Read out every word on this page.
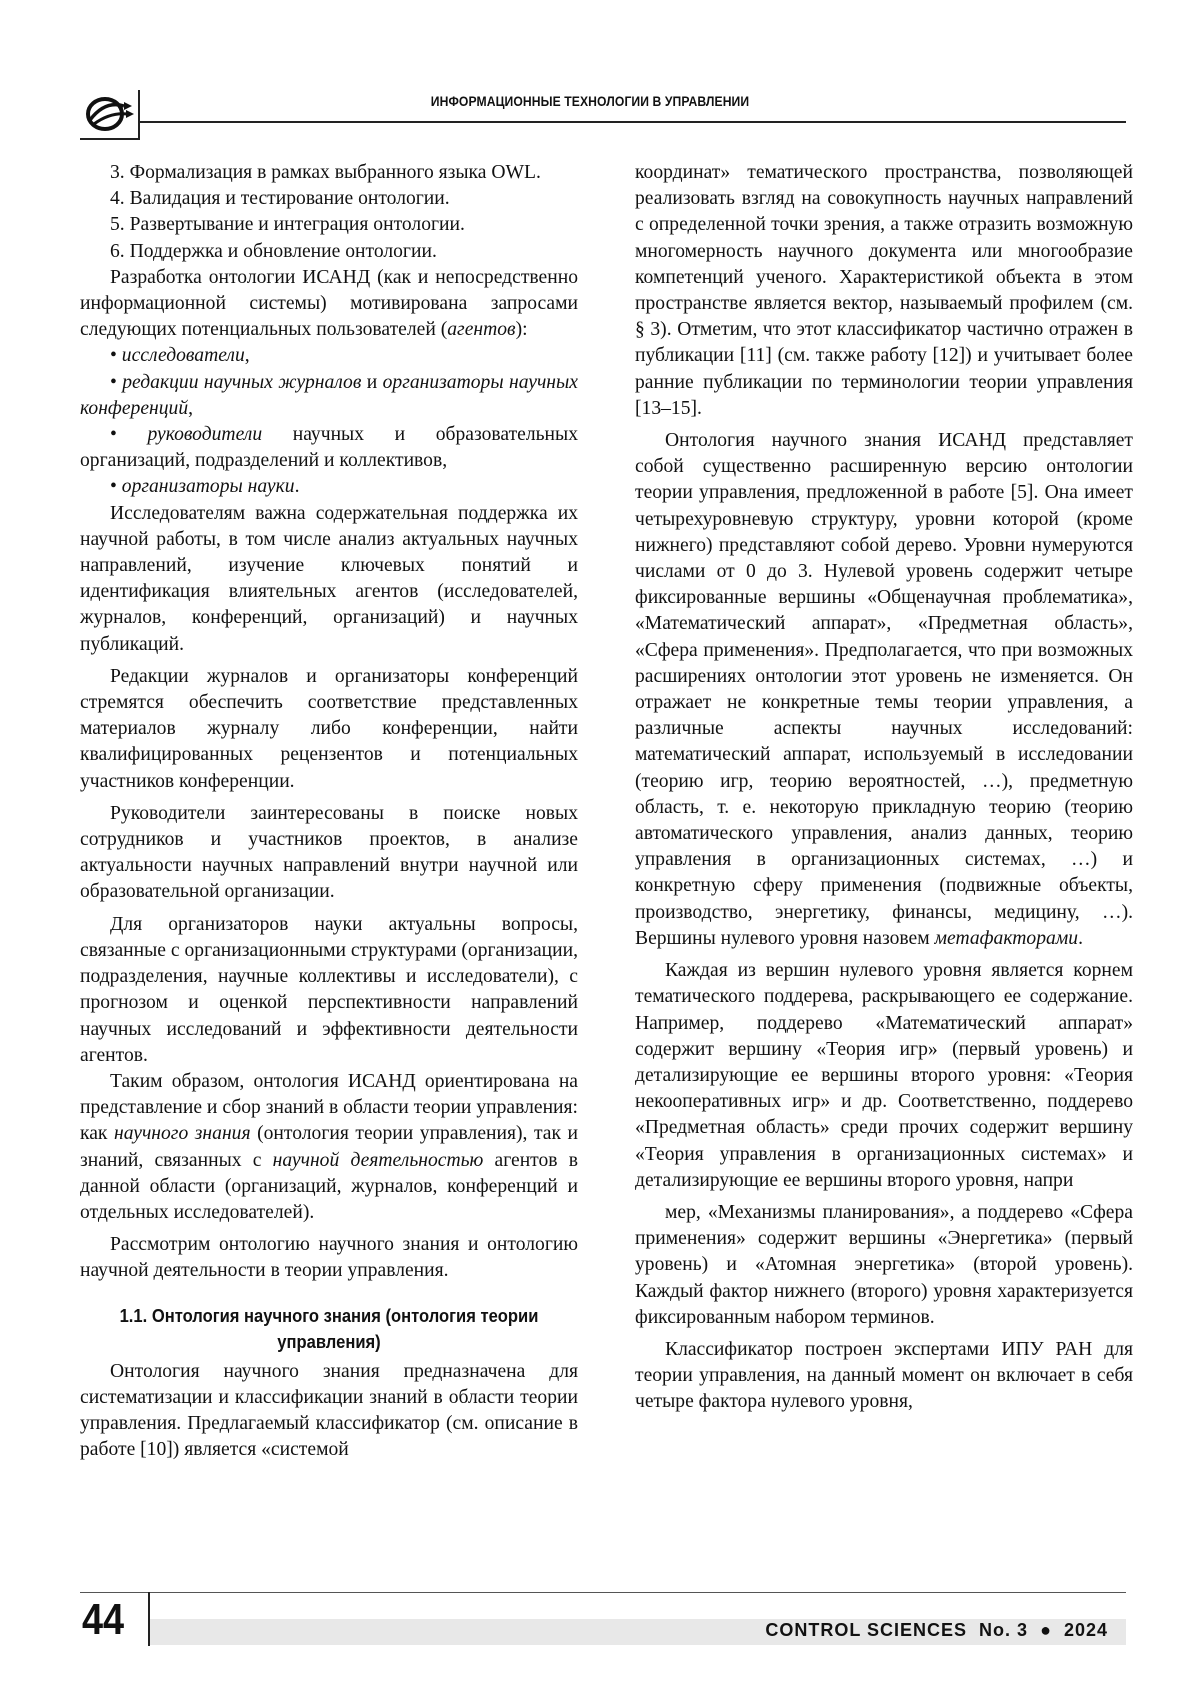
ИНФОРМАЦИОННЫЕ ТЕХНОЛОГИИ В УПРАВЛЕНИИ

3. Формализация в рамках выбранного языка OWL.

4. Валидация и тестирование онтологии.

5. Развертывание и интеграция онтологии.

6. Поддержка и обновление онтологии.

Разработка онтологии ИСАНД (как и непосредственно информационной системы) мотивирована запросами следующих потенциальных пользователей (агентов):

• исследователи,

• редакции научных журналов и организаторы научных конференций,

• руководители научных и образовательных организаций, подразделений и коллективов,

• организаторы науки.

Исследователям важна содержательная поддержка их научной работы, в том числе анализ актуальных научных направлений, изучение ключевых понятий и идентификация влиятельных агентов (исследователей, журналов, конференций, организаций) и научных публикаций.

Редакции журналов и организаторы конференций стремятся обеспечить соответствие представленных материалов журналу либо конференции, найти квалифицированных рецензентов и потенциальных участников конференции.

Руководители заинтересованы в поиске новых сотрудников и участников проектов, в анализе актуальности научных направлений внутри научной или образовательной организации.

Для организаторов науки актуальны вопросы, связанные с организационными структурами (организации, подразделения, научные коллективы и исследователи), с прогнозом и оценкой перспективности направлений научных исследований и эффективности деятельности агентов.

Таким образом, онтология ИСАНД ориентирована на представление и сбор знаний в области теории управления: как научного знания (онтология теории управления), так и знаний, связанных с научной деятельностью агентов в данной области (организаций, журналов, конференций и отдельных исследователей).

Рассмотрим онтологию научного знания и онтологию научной деятельности в теории управления.

1.1. Онтология научного знания (онтология теории управления)

Онтология научного знания предназначена для систематизации и классификации знаний в области теории управления. Предлагаемый классификатор (см. описание в работе [10]) является «системой

координат» тематического пространства, позволяющей реализовать взгляд на совокупность научных направлений с определенной точки зрения, а также отразить возможную многомерность научного документа или многообразие компетенций ученого. Характеристикой объекта в этом пространстве является вектор, называемый профилем (см. § 3). Отметим, что этот классификатор частично отражен в публикации [11] (см. также работу [12]) и учитывает более ранние публикации по терминологии теории управления [13–15].

Онтология научного знания ИСАНД представляет собой существенно расширенную версию онтологии теории управления, предложенной в работе [5]. Она имеет четырехуровневую структуру, уровни которой (кроме нижнего) представляют собой дерево. Уровни нумеруются числами от 0 до 3. Нулевой уровень содержит четыре фиксированные вершины «Общенаучная проблематика», «Математический аппарат», «Предметная область», «Сфера применения». Предполагается, что при возможных расширениях онтологии этот уровень не изменяется. Он отражает не конкретные темы теории управления, а различные аспекты научных исследований: математический аппарат, используемый в исследовании (теорию игр, теорию вероятностей, …), предметную область, т. е. некоторую прикладную теорию (теорию автоматического управления, анализ данных, теорию управления в организационных системах, …) и конкретную сферу применения (подвижные объекты, производство, энергетику, финансы, медицину, …). Вершины нулевого уровня назовем метафакторами.

Каждая из вершин нулевого уровня является корнем тематического поддерева, раскрывающего ее содержание. Например, поддерево «Математический аппарат» содержит вершину «Теория игр» (первый уровень) и детализирующие ее вершины второго уровня: «Теория некооперативных игр» и др. Соответственно, поддерево «Предметная область» среди прочих содержит вершину «Теория управления в организационных системах» и детализирующие ее вершины второго уровня, напри

мер, «Механизмы планирования», а поддерево «Сфера применения» содержит вершины «Энергетика» (первый уровень) и «Атомная энергетика» (второй уровень). Каждый фактор нижнего (второго) уровня характеризуется фиксированным набором терминов.

Классификатор построен экспертами ИПУ РАН для теории управления, на данный момент он включает в себя четыре фактора нулевого уровня,

44	CONTROL SCIENCES No. 3 ● 2024
